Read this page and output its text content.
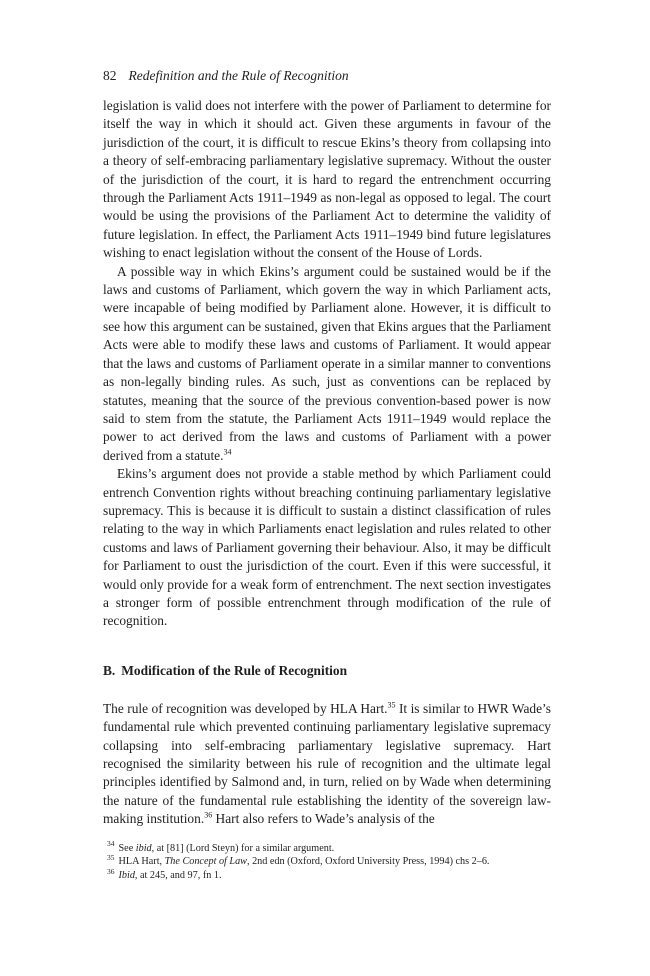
82 Redefinition and the Rule of Recognition

legislation is valid does not interfere with the power of Parliament to determine for itself the way in which it should act. Given these arguments in favour of the jurisdiction of the court, it is difficult to rescue Ekins’s theory from collapsing into a theory of self-embracing parliamentary legislative supremacy. Without the ouster of the jurisdiction of the court, it is hard to regard the entrenchment occurring through the Parliament Acts 1911–1949 as non-legal as opposed to legal. The court would be using the provisions of the Parliament Act to determine the validity of future legislation. In effect, the Parliament Acts 1911–1949 bind future legislatures wishing to enact legislation without the consent of the House of Lords.

A possible way in which Ekins’s argument could be sustained would be if the laws and customs of Parliament, which govern the way in which Parliament acts, were incapable of being modified by Parliament alone. However, it is difficult to see how this argument can be sustained, given that Ekins argues that the Parliament Acts were able to modify these laws and customs of Parliament. It would appear that the laws and customs of Parliament operate in a similar manner to conventions as non-legally binding rules. As such, just as conventions can be replaced by statutes, meaning that the source of the previous convention-based power is now said to stem from the statute, the Parliament Acts 1911–1949 would replace the power to act derived from the laws and customs of Parliament with a power derived from a statute.$^{34}$

Ekins’s argument does not provide a stable method by which Parliament could entrench Convention rights without breaching continuing parliamentary legislative supremacy. This is because it is difficult to sustain a distinct classification of rules relating to the way in which Parliaments enact legislation and rules related to other customs and laws of Parliament governing their behaviour. Also, it may be difficult for Parliament to oust the jurisdiction of the court. Even if this were successful, it would only provide for a weak form of entrenchment. The next section investigates a stronger form of possible entrenchment through modification of the rule of recognition.

B. Modification of the Rule of Recognition

The rule of recognition was developed by HLA Hart.$^{35}$ It is similar to HWR Wade’s fundamental rule which prevented continuing parliamentary legislative supremacy collapsing into self-embracing parliamentary legislative supremacy. Hart recognised the similarity between his rule of recognition and the ultimate legal principles identified by Salmond and, in turn, relied on by Wade when determining the nature of the fundamental rule establishing the identity of the sovereign law-making institution.$^{36}$ Hart also refers to Wade’s analysis of the

$^{34}$ See ibid, at [81] (Lord Steyn) for a similar argument.
$^{35}$ HLA Hart, The Concept of Law, 2nd edn (Oxford, Oxford University Press, 1994) chs 2–6.
$^{36}$ Ibid, at 245, and 97, fn 1.
